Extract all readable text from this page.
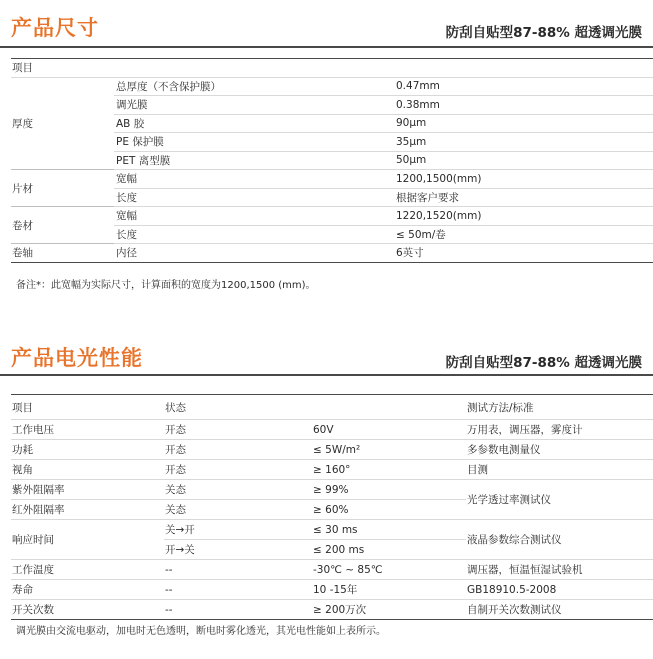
产品尺寸	防刮自贴型87-88% 超透调光膜
项目		
厚度	总厚度（不含保护膜）	0.47mm
	调光膜	0.38mm
	AB 胶	90µm
	PE 保护膜	35µm
	PET 离型膜	50µm
片材	宽幅	1200,1500(mm)
	长度	根据客户要求
卷材	宽幅	1220,1520(mm)
	长度	≤ 50m/卷
卷轴	内径	6英寸
备注*：此宽幅为实际尺寸，计算面积的宽度为1200,1500 (mm)。
产品电光性能	防刮自贴型87-88% 超透调光膜
项目	状态		测试方法/标准
工作电压	开态	60V	万用表，调压器，雾度计
功耗	开态	≤ 5W/m²	多参数电测量仪
视角	开态	≥ 160°	目测
紫外阻隔率	关态	≥ 99%	光学透过率测试仪
红外阻隔率	关态	≥ 60%	
响应时间	关→开	≤ 30 ms	液晶参数综合测试仪
	开→关	≤ 200 ms	
工作温度	--	-30℃ ~ 85℃	调压器，恒温恒湿试验机
寿命	--	10 -15年	GB18910.5-2008
开关次数	--	≥ 200万次	自制开关次数测试仪
调光膜由交流电驱动，加电时无色透明，断电时雾化透光，其光电性能如上表所示。
